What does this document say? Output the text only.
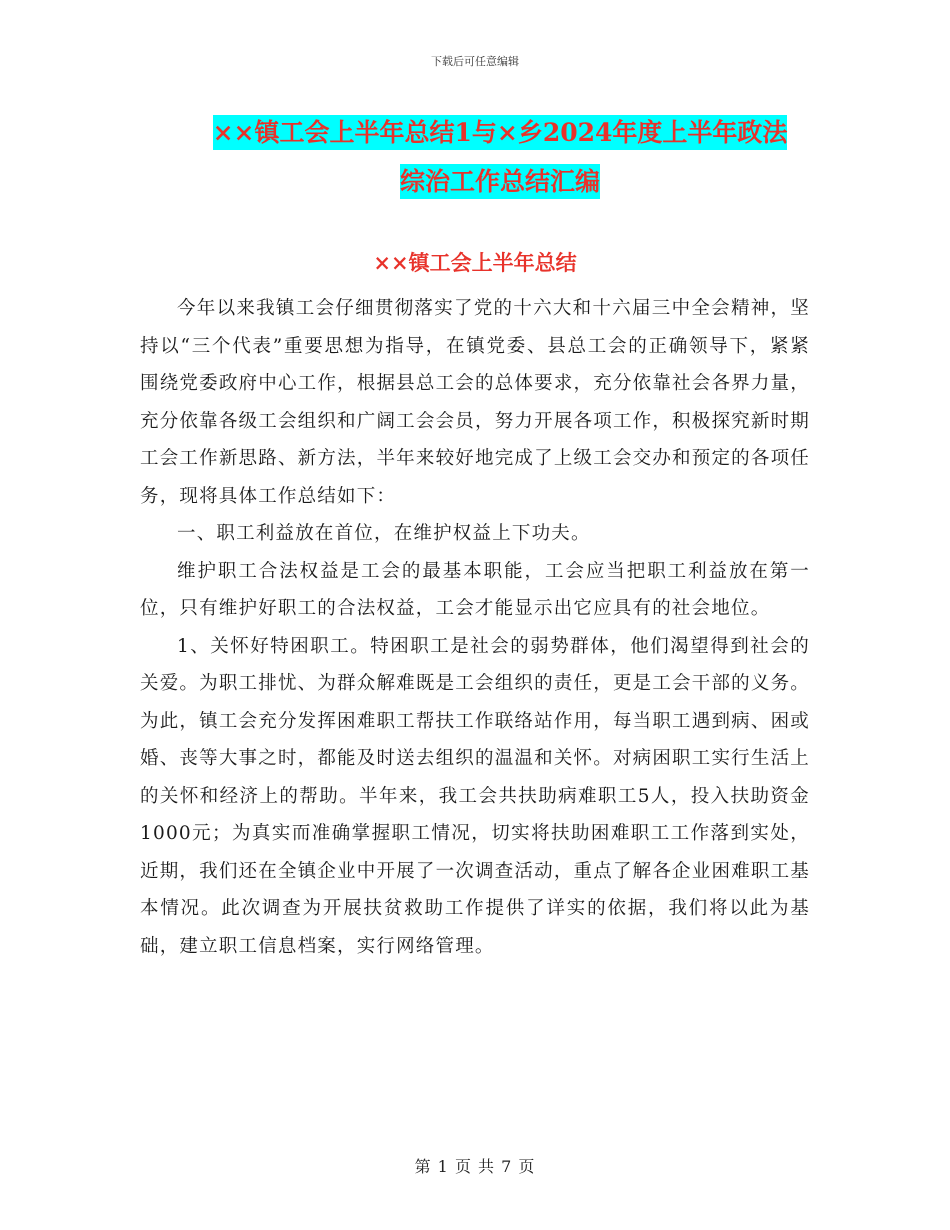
下载后可任意编辑
××镇工会上半年总结1与×乡2024年度上半年政法
综治工作总结汇编
××镇工会上半年总结

今年以来我镇工会仔细贯彻落实了党的十六大和十六届三中全会精神，坚持以“三个代表”重要思想为指导，在镇党委、县总工会的正确领导下，紧紧围绕党委政府中心工作，根据县总工会的总体要求，充分依靠社会各界力量，充分依靠各级工会组织和广阔工会会员，努力开展各项工作，积极探究新时期工会工作新思路、新方法，半年来较好地完成了上级工会交办和预定的各项任务，现将具体工作总结如下：

一、职工利益放在首位，在维护权益上下功夫。

维护职工合法权益是工会的最基本职能，工会应当把职工利益放在第一位，只有维护好职工的合法权益，工会才能显示出它应具有的社会地位。

1、关怀好特困职工。特困职工是社会的弱势群体，他们渴望得到社会的关爱。为职工排忧、为群众解难既是工会组织的责任，更是工会干部的义务。为此，镇工会充分发挥困难职工帮扶工作联络站作用，每当职工遇到病、困或婚、丧等大事之时，都能及时送去组织的温温和关怀。对病困职工实行生活上的关怀和经济上的帮助。半年来，我工会共扶助病难职工5人，投入扶助资金1000元；为真实而准确掌握职工情况，切实将扶助困难职工工作落到实处，近期，我们还在全镇企业中开展了一次调查活动，重点了解各企业困难职工基本情况。此次调查为开展扶贫救助工作提供了详实的依据，我们将以此为基础，建立职工信息档案，实行网络管理。

第 1 页 共 7 页
